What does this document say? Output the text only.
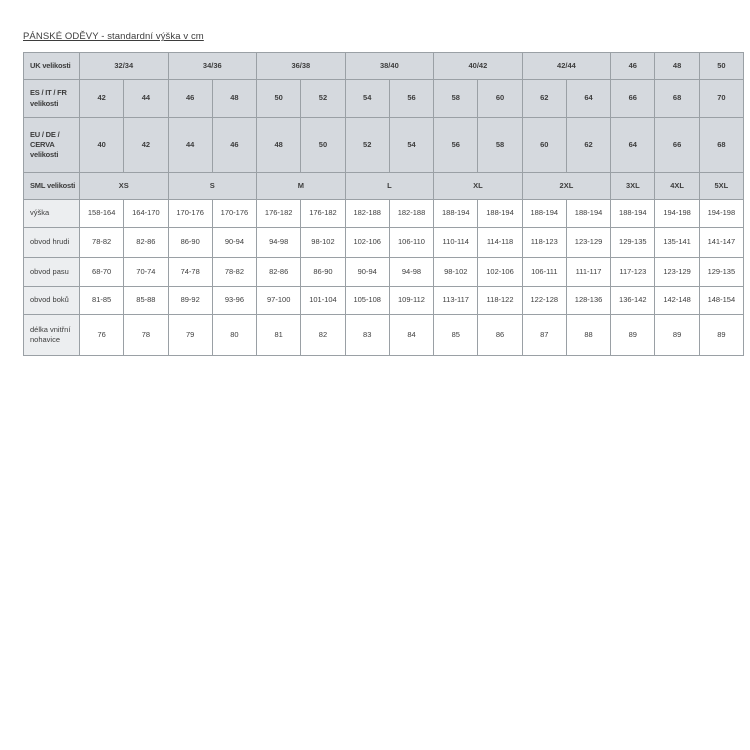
PÁNSKÉ ODĚVY - standardní výška v cm
UK velikosti	32/34		34/36		36/38		38/40		40/42		42/44		46	48	50
ES / IT / FR velikosti	42	44	46	48	50	52	54	56	58	60	62	64	66	68	70
EU / DE / CERVA velikosti	40	42	44	46	48	50	52	54	56	58	60	62	64	66	68
SML velikosti	XS		S		M		L		XL		2XL		3XL	4XL	5XL
výška	158-164	164-170	170-176	170-176	176-182	176-182	182-188	182-188	188-194	188-194	188-194	188-194	188-194	194-198	194-198
obvod hrudi	78-82	82-86	86-90	90-94	94-98	98-102	102-106	106-110	110-114	114-118	118-123	123-129	129-135	135-141	141-147
obvod pasu	68-70	70-74	74-78	78-82	82-86	86-90	90-94	94-98	98-102	102-106	106-111	111-117	117-123	123-129	129-135
obvod boků	81-85	85-88	89-92	93-96	97-100	101-104	105-108	109-112	113-117	118-122	122-128	128-136	136-142	142-148	148-154
délka vnitřní nohavice	76	78	79	80	81	82	83	84	85	86	87	88	89	89	89
